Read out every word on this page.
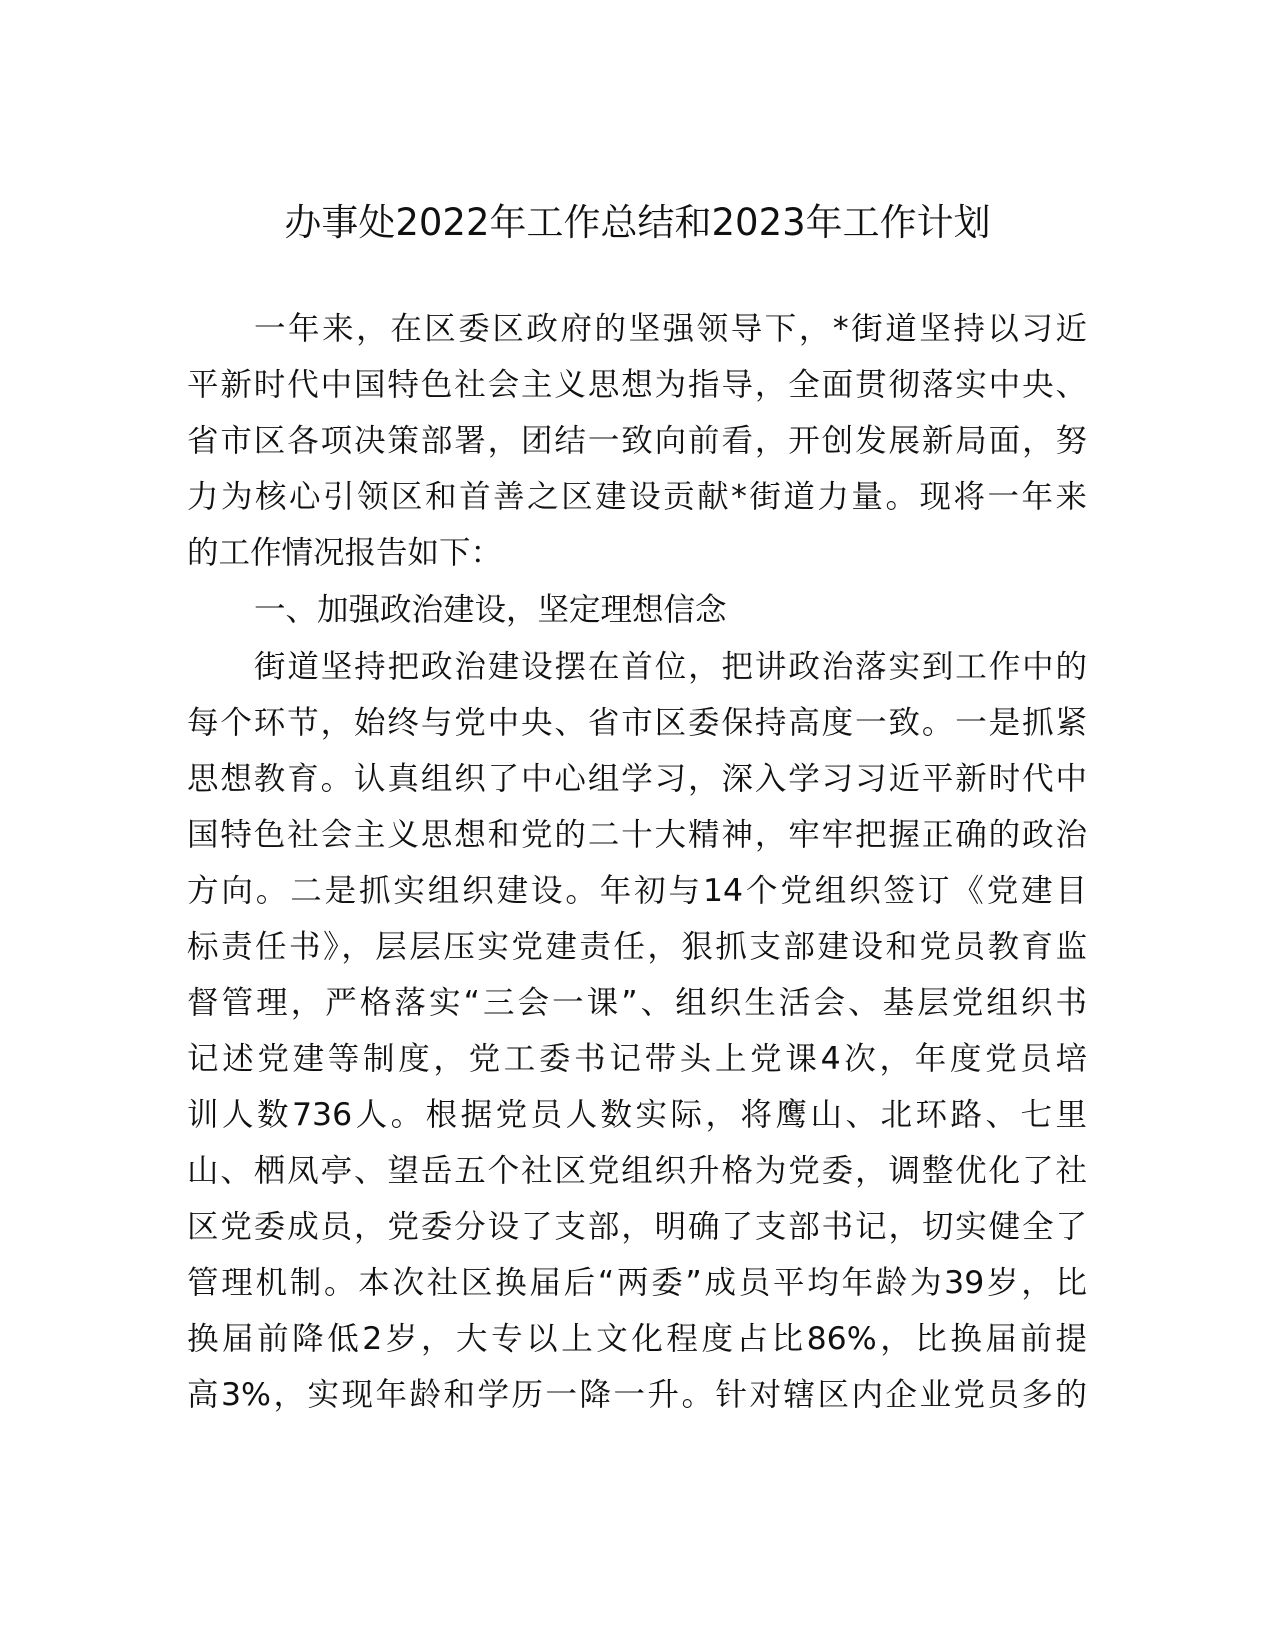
办事处2022年工作总结和2023年工作计划
一年来，在区委区政府的坚强领导下，*街道坚持以习近
平新时代中国特色社会主义思想为指导，全面贯彻落实中央、
省市区各项决策部署，团结一致向前看，开创发展新局面，努
力为核心引领区和首善之区建设贡献*街道力量。现将一年来
的工作情况报告如下：
一、加强政治建设，坚定理想信念
街道坚持把政治建设摆在首位，把讲政治落实到工作中的
每个环节，始终与党中央、省市区委保持高度一致。一是抓紧
思想教育。认真组织了中心组学习，深入学习习近平新时代中
国特色社会主义思想和党的二十大精神，牢牢把握正确的政治
方向。二是抓实组织建设。年初与14个党组织签订《党建目
标责任书》，层层压实党建责任，狠抓支部建设和党员教育监
督管理，严格落实“三会一课”、组织生活会、基层党组织书
记述党建等制度，党工委书记带头上党课4次，年度党员培
训人数736人。根据党员人数实际，将鹰山、北环路、七里
山、栖凤亭、望岳五个社区党组织升格为党委，调整优化了社
区党委成员，党委分设了支部，明确了支部书记，切实健全了
管理机制。本次社区换届后“两委”成员平均年龄为39岁，比
换届前降低2岁，大专以上文化程度占比86%，比换届前提
高3%，实现年龄和学历一降一升。针对辖区内企业党员多的
